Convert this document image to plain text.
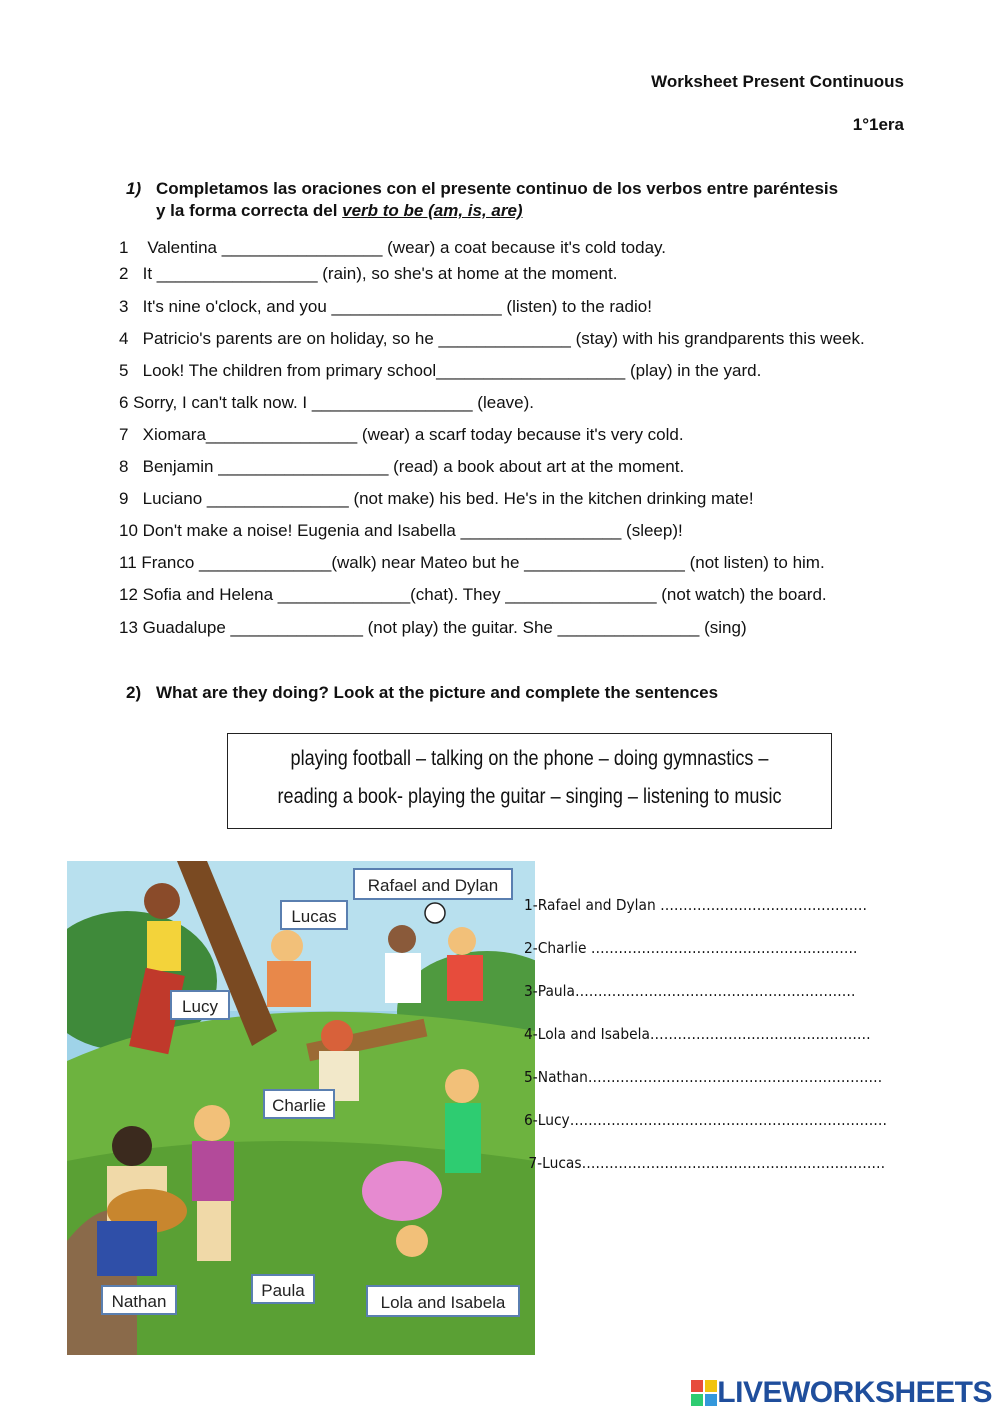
Worksheet Present Continuous
1°1era
1) Completamos las oraciones con el presente continuo de los verbos entre paréntesis
y la forma correcta del verb to be (am, is, are)
1    Valentina _________________ (wear) a coat because it's cold today.
2   It _________________ (rain), so she's at home at the moment.
3   It's nine o'clock, and you __________________ (listen) to the radio!
4   Patricio's parents are on holiday, so he ______________ (stay) with his grandparents this week.
5   Look! The children from primary school____________________ (play) in the yard.
6 Sorry, I can't talk now. I _________________ (leave).
7   Xiomara________________ (wear) a scarf today because it's very cold.
8   Benjamin __________________ (read) a book about art at the moment.
9   Luciano _______________ (not make) his bed. He's in the kitchen drinking mate!
10 Don't make a noise! Eugenia and Isabella _________________ (sleep)!
11 Franco ______________(walk) near Mateo but he _________________ (not listen) to him.
12 Sofia and Helena ______________(chat). They ________________ (not watch) the board.
13 Guadalupe ______________ (not play) the guitar. She _______________ (sing)
2) What are they doing? Look at the picture and complete the sentences
playing football – talking on the phone – doing gymnastics –
reading a book- playing the guitar – singing – listening to music
Rafael and Dylan
Lucas
Lucy
Charlie
Nathan
Paula
Lola and Isabela
1-Rafael and Dylan ………………………………………
2-Charlie ………………………………………………….
3-Paula…………………………………………………….
4-Lola and Isabela…………………………………………
5-Nathan……………………………………………………….
6-Lucy……………………………………………………………
7-Lucas…………………………………………………………
LIVEWORKSHEETS
